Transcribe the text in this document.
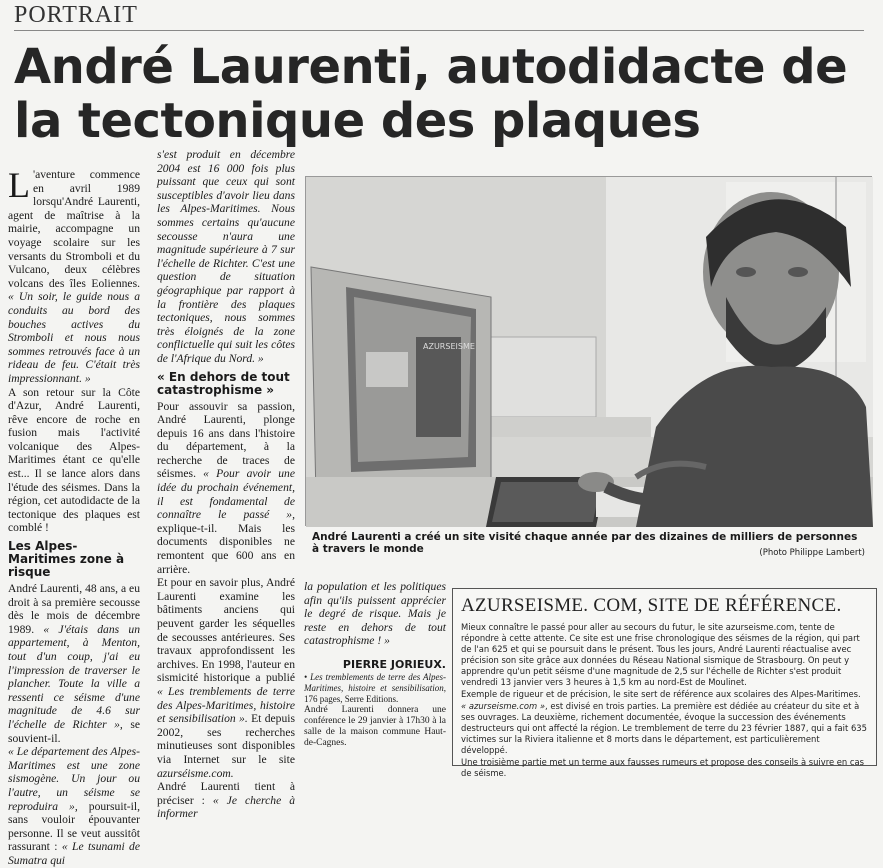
PORTRAIT
André Laurenti, autodidacte de la tectonique des plaques

L 'aventure commence en avril 1989 lorsqu'André Laurenti, agent de maîtrise à la mairie, accompagne un voyage scolaire sur les versants du Stromboli et du Vulcano, deux célèbres volcans des îles Eoliennes. « Un soir, le guide nous a conduits au bord des bouches actives du Stromboli et nous nous sommes retrouvés face à un rideau de feu. C'était très impressionnant. »

A son retour sur la Côte d'Azur, André Laurenti, rêve encore de roche en fusion mais l'activité volcanique des Alpes-Maritimes étant ce qu'elle est... Il se lance alors dans l'étude des séismes. Dans la région, cet autodidacte de la tectonique des plaques est comblé !

Les Alpes-Maritimes zone à risque

André Laurenti, 48 ans, a eu droit à sa première secousse dès le mois de décembre 1989. « J'étais dans un appartement, à Menton, tout d'un coup, j'ai eu l'impression de traverser le plancher. Toute la ville a ressenti ce séisme d'une magnitude de 4.6 sur l'échelle de Richter », se souvient-il.

« Le département des Alpes-Maritimes est une zone sismogène. Un jour ou l'autre, un séisme se reproduira », poursuit-il, sans vouloir épouvanter personne. Il se veut aussitôt rassurant : « Le tsunami de Sumatra qui

s'est produit en décembre 2004 est 16 000 fois plus puissant que ceux qui sont susceptibles d'avoir lieu dans les Alpes-Maritimes. Nous sommes certains qu'aucune secousse n'aura une magnitude supérieure à 7 sur l'échelle de Richter. C'est une question de situation géographique par rapport à la frontière des plaques tectoniques, nous sommes très éloignés de la zone conflictuelle qui suit les côtes de l'Afrique du Nord. »

« En dehors de tout catastrophisme »

Pour assouvir sa passion, André Laurenti, plonge depuis 16 ans dans l'histoire du département, à la recherche de traces de séismes. « Pour avoir une idée du prochain événement, il est fondamental de connaître le passé », explique-t-il. Mais les documents disponibles ne remontent que 600 ans en arrière.

Et pour en savoir plus, André Laurenti examine les bâtiments anciens qui peuvent garder les séquelles de secousses antérieures. Ses travaux approfondissent les archives. En 1998, l'auteur en sismicité historique a publié « Les tremblements de terre des Alpes-Maritimes, histoire et sensibilisation ». Et depuis 2002, ses recherches minutieuses sont disponibles via Internet sur le site azurséisme.com.

André Laurenti tient à préciser : « Je cherche à informer

AZURSEISME
André Laurenti a créé un site visité chaque année par des dizaines de milliers de personnes à travers le monde	(Photo Philippe Lambert)

la population et les politiques afin qu'ils puissent apprécier le degré de risque. Mais je reste en dehors de tout catastrophisme ! »

PIERRE JORIEUX.

• Les tremblements de terre des Alpes-Maritimes, histoire et sensibilisation, 176 pages, Serre Editions.

André Laurenti donnera une conférence le 29 janvier à 17h30 à la salle de la maison commune Haut-de-Cagnes.

AZURSEISME. COM, SITE DE RÉFÉRENCE.

Mieux connaître le passé pour aller au secours du futur, le site azurseisme.com, tente de répondre à cette attente. Ce site est une frise chronologique des séismes de la région, qui part de l'an 625 et qui se poursuit dans le présent. Tous les jours, André Laurenti réactualise avec précision son site grâce aux données du Réseau National sismique de Strasbourg. On peut y apprendre qu'un petit séisme d'une magnitude de 2,5 sur l'échelle de Richter s'est produit vendredi 13 janvier vers 3 heures à 1,5 km au nord-Est de Moulinet.

Exemple de rigueur et de précision, le site sert de référence aux scolaires des Alpes-Maritimes.

« azurseisme.com », est divisé en trois parties. La première est dédiée au créateur du site et à ses ouvrages. La deuxième, richement documentée, évoque la succession des événements destructeurs qui ont affecté la région. Le tremblement de terre du 23 février 1887, qui a fait 635 victimes sur la Riviera italienne et 8 morts dans le département, est particulièrement développé.

Une troisième partie met un terme aux fausses rumeurs et propose des conseils à suivre en cas de séisme.
